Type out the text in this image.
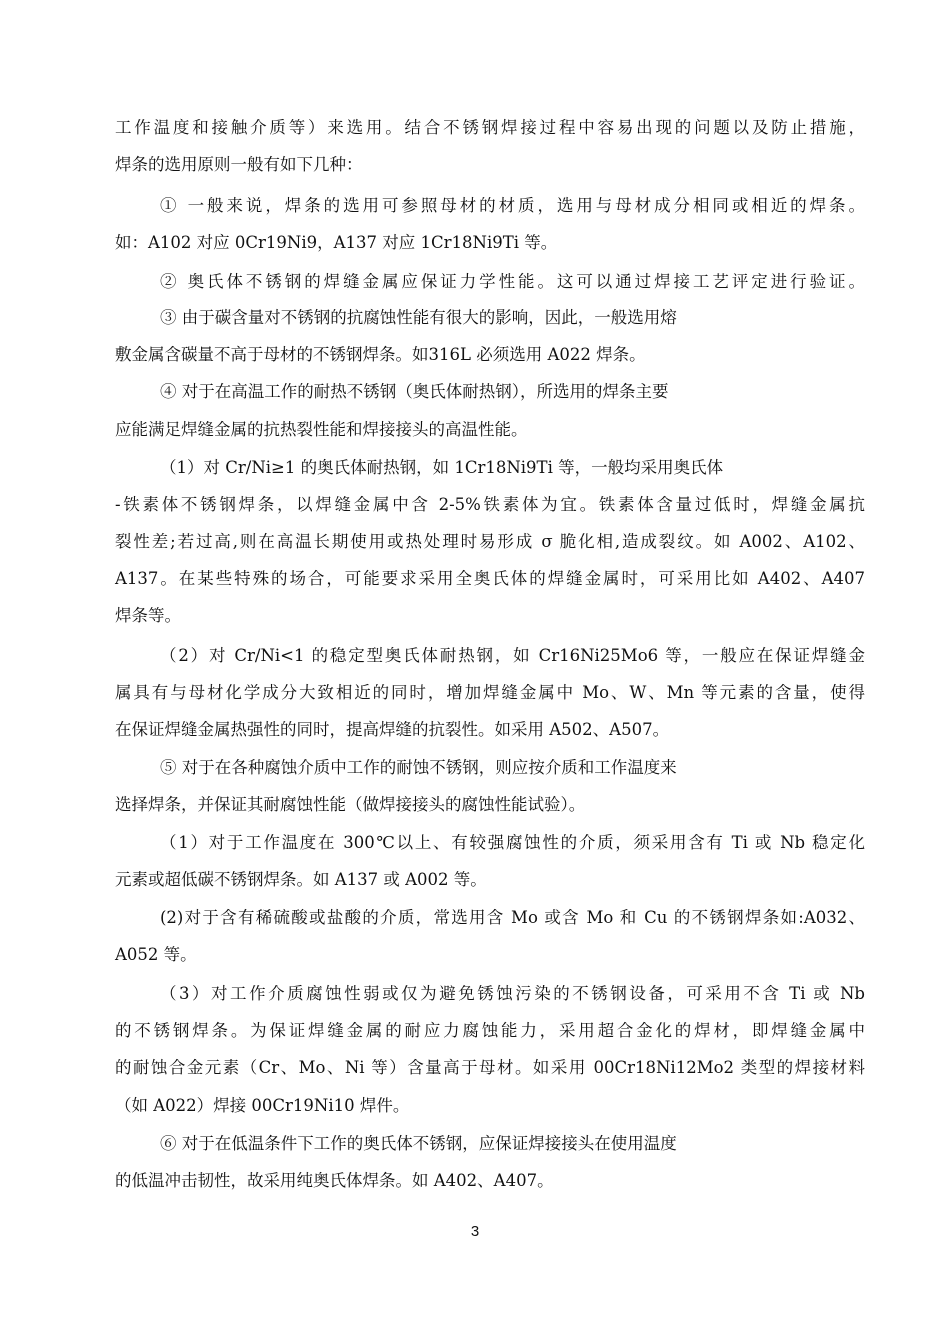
工作温度和接触介质等）来选用。结合不锈钢焊接过程中容易出现的问题以及防止措施，
焊条的选用原则一般有如下几种：
① 一般来说，焊条的选用可参照母材的材质，选用与母材成分相同或相近的焊条。
如：A102 对应 0Cr19Ni9，A137 对应 1Cr18Ni9Ti 等。
② 奥氏体不锈钢的焊缝金属应保证力学性能。这可以通过焊接工艺评定进行验证。
③ 由于碳含量对不锈钢的抗腐蚀性能有很大的影响，因此，一般选用熔
敷金属含碳量不高于母材的不锈钢焊条。如316L 必须选用 A022 焊条。
④ 对于在高温工作的耐热不锈钢（奥氏体耐热钢），所选用的焊条主要
应能满足焊缝金属的抗热裂性能和焊接接头的高温性能。
（1）对 Cr/Ni≥1 的奥氏体耐热钢，如 1Cr18Ni9Ti 等，一般均采用奥氏体
-铁素体不锈钢焊条，以焊缝金属中含 2-5%铁素体为宜。铁素体含量过低时，焊缝金属抗
裂性差;若过高,则在高温长期使用或热处理时易形成 σ 脆化相,造成裂纹。如 A002、A102、
A137。在某些特殊的场合，可能要求采用全奥氏体的焊缝金属时，可采用比如 A402、A407
焊条等。
（2）对 Cr/Ni<1 的稳定型奥氏体耐热钢，如 Cr16Ni25Mo6 等，一般应在保证焊缝金
属具有与母材化学成分大致相近的同时，增加焊缝金属中 Mo、W、Mn 等元素的含量，使得
在保证焊缝金属热强性的同时，提高焊缝的抗裂性。如采用 A502、A507。
⑤ 对于在各种腐蚀介质中工作的耐蚀不锈钢，则应按介质和工作温度来
选择焊条，并保证其耐腐蚀性能（做焊接接头的腐蚀性能试验）。
（1）对于工作温度在 300℃以上、有较强腐蚀性的介质，须采用含有 Ti 或 Nb 稳定化
元素或超低碳不锈钢焊条。如 A137 或 A002 等。
(2)对于含有稀硫酸或盐酸的介质，常选用含 Mo 或含 Mo 和 Cu 的不锈钢焊条如:A032、
A052 等。
（3）对工作介质腐蚀性弱或仅为避免锈蚀污染的不锈钢设备，可采用不含 Ti 或 Nb
的不锈钢焊条。为保证焊缝金属的耐应力腐蚀能力，采用超合金化的焊材，即焊缝金属中
的耐蚀合金元素（Cr、Mo、Ni 等）含量高于母材。如采用 00Cr18Ni12Mo2 类型的焊接材料
（如 A022）焊接 00Cr19Ni10 焊件。
⑥ 对于在低温条件下工作的奥氏体不锈钢，应保证焊接接头在使用温度
的低温冲击韧性，故采用纯奥氏体焊条。如 A402、A407。
3
